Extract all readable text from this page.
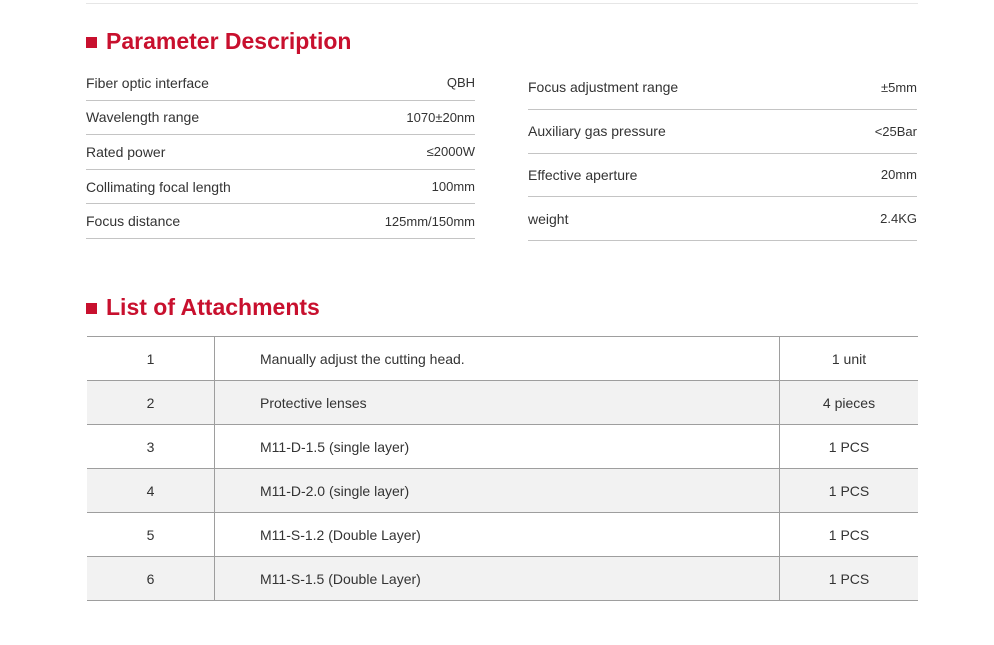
Parameter Description
Fiber optic interface	QBH
Wavelength range	1070±20nm
Rated power	≤2000W
Collimating focal length	100mm
Focus distance	125mm/150mm
Focus adjustment range	±5mm
Auxiliary gas pressure	<25Bar
Effective aperture	20mm
weight	2.4KG
List of Attachments
1	Manually adjust the cutting head.	1 unit
2	Protective lenses	4 pieces
3	M11-D-1.5 (single layer)	1 PCS
4	M11-D-2.0 (single layer)	1 PCS
5	M11-S-1.2 (Double Layer)	1 PCS
6	M11-S-1.5 (Double Layer)	1 PCS
